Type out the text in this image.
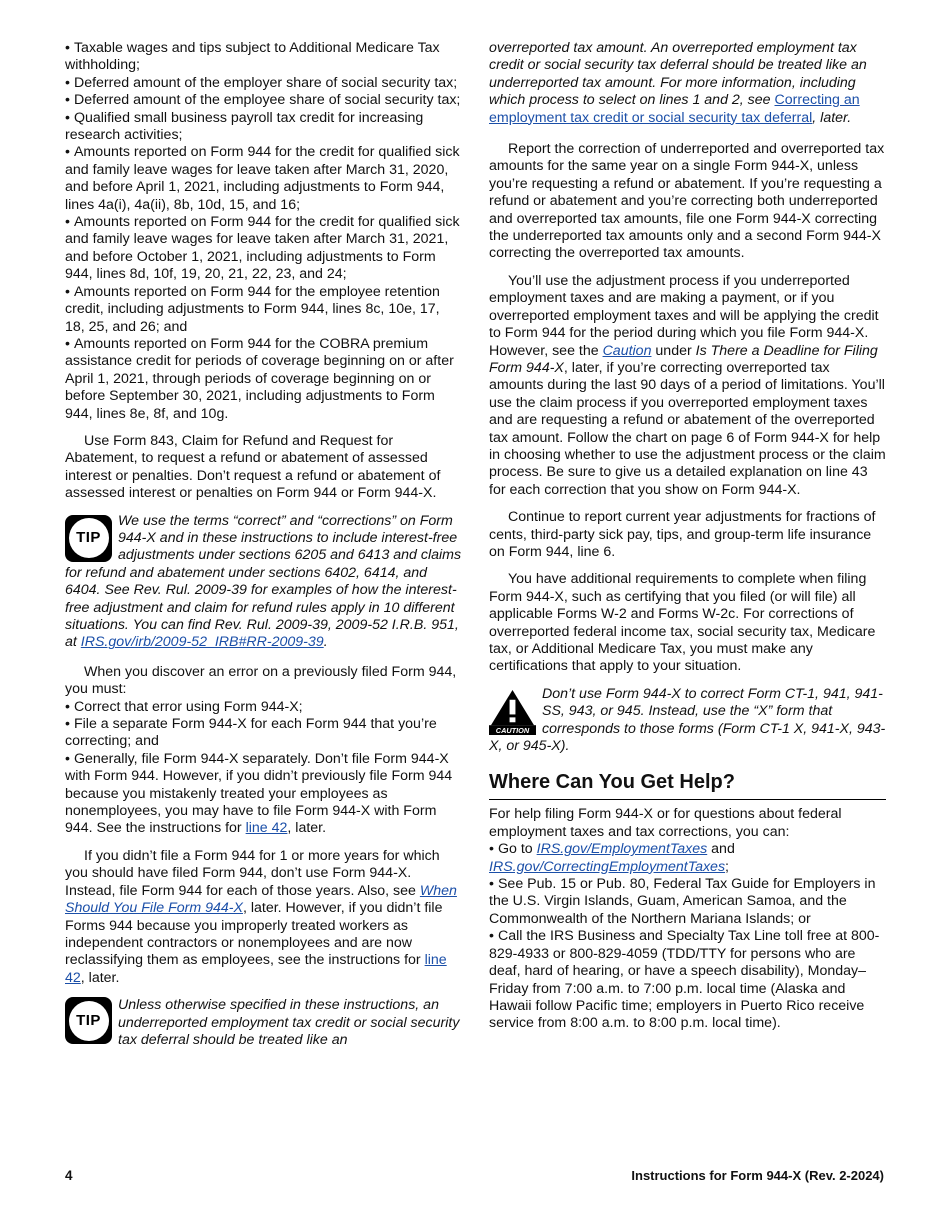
• Taxable wages and tips subject to Additional Medicare Tax withholding;
• Deferred amount of the employer share of social security tax;
• Deferred amount of the employee share of social security tax;
• Qualified small business payroll tax credit for increasing research activities;
• Amounts reported on Form 944 for the credit for qualified sick and family leave wages for leave taken after March 31, 2020, and before April 1, 2021, including adjustments to Form 944, lines 4a(i), 4a(ii), 8b, 10d, 15, and 16;
• Amounts reported on Form 944 for the credit for qualified sick and family leave wages for leave taken after March 31, 2021, and before October 1, 2021, including adjustments to Form 944, lines 8d, 10f, 19, 20, 21, 22, 23, and 24;
• Amounts reported on Form 944 for the employee retention credit, including adjustments to Form 944, lines 8c, 10e, 17, 18, 25, and 26; and
• Amounts reported on Form 944 for the COBRA premium assistance credit for periods of coverage beginning on or after April 1, 2021, through periods of coverage beginning on or before September 30, 2021, including adjustments to Form 944, lines 8e, 8f, and 10g.

Use Form 843, Claim for Refund and Request for Abatement, to request a refund or abatement of assessed interest or penalties. Don’t request a refund or abatement of assessed interest or penalties on Form 944 or Form 944-X.

TIP
We use the terms “correct” and “corrections” on Form 944-X and in these instructions to include interest-free adjustments under sections 6205 and 6413 and claims for refund and abatement under sections 6402, 6414, and 6404. See Rev. Rul. 2009-39 for examples of how the interest-free adjustment and claim for refund rules apply in 10 different situations. You can find Rev. Rul. 2009-39, 2009-52 I.R.B. 951, at IRS.gov/irb/2009-52_IRB#RR-2009-39.
When you discover an error on a previously filed Form 944, you must:
• Correct that error using Form 944-X;
• File a separate Form 944-X for each Form 944 that you’re correcting; and
• Generally, file Form 944-X separately. Don’t file Form 944-X with Form 944. However, if you didn’t previously file Form 944 because you mistakenly treated your employees as nonemployees, you may have to file Form 944-X with Form 944. See the instructions for line 42, later.

If you didn’t file a Form 944 for 1 or more years for which you should have filed Form 944, don’t use Form 944-X. Instead, file Form 944 for each of those years. Also, see When Should You File Form 944-X, later. However, if you didn’t file Forms 944 because you improperly treated workers as independent contractors or nonemployees and are now reclassifying them as employees, see the instructions for line 42, later.

TIP
Unless otherwise specified in these instructions, an underreported employment tax credit or social security tax deferral should be treated like an

overreported tax amount. An overreported employment tax credit or social security tax deferral should be treated like an underreported tax amount. For more information, including which process to select on lines 1 and 2, see Correcting an employment tax credit or social security tax deferral, later.

Report the correction of underreported and overreported tax amounts for the same year on a single Form 944-X, unless you’re requesting a refund or abatement. If you’re requesting a refund or abatement and you’re correcting both underreported and overreported tax amounts, file one Form 944-X correcting the underreported tax amounts only and a second Form 944-X correcting the overreported tax amounts.

You’ll use the adjustment process if you underreported employment taxes and are making a payment, or if you overreported employment taxes and will be applying the credit to Form 944 for the period during which you file Form 944-X. However, see the Caution under Is There a Deadline for Filing Form 944-X, later, if you’re correcting overreported tax amounts during the last 90 days of a period of limitations. You’ll use the claim process if you overreported employment taxes and are requesting a refund or abatement of the overreported tax amount. Follow the chart on page 6 of Form 944-X for help in choosing whether to use the adjustment process or the claim process. Be sure to give us a detailed explanation on line 43 for each correction that you show on Form 944-X.

Continue to report current year adjustments for fractions of cents, third-party sick pay, tips, and group-term life insurance on Form 944, line 6.

You have additional requirements to complete when filing Form 944-X, such as certifying that you filed (or will file) all applicable Forms W-2 and Forms W-2c. For corrections of overreported federal income tax, social security tax, Medicare tax, or Additional Medicare Tax, you must make any certifications that apply to your situation.

CAUTION
Don’t use Form 944-X to correct Form CT-1, 941, 941-SS, 943, or 945. Instead, use the “X” form that corresponds to those forms (Form CT-1 X, 941-X, 943-X, or 945-X).
Where Can You Get Help?
For help filing Form 944-X or for questions about federal employment taxes and tax corrections, you can:
• Go to IRS.gov/EmploymentTaxes and IRS.gov/CorrectingEmploymentTaxes;
• See Pub. 15 or Pub. 80, Federal Tax Guide for Employers in the U.S. Virgin Islands, Guam, American Samoa, and the Commonwealth of the Northern Mariana Islands; or
• Call the IRS Business and Specialty Tax Line toll free at 800-829-4933 or 800-829-4059 (TDD/TTY for persons who are deaf, hard of hearing, or have a speech disability), Monday–Friday from 7:00 a.m. to 7:00 p.m. local time (Alaska and Hawaii follow Pacific time; employers in Puerto Rico receive service from 8:00 a.m. to 8:00 p.m. local time).
4	Instructions for Form 944-X (Rev. 2-2024)
